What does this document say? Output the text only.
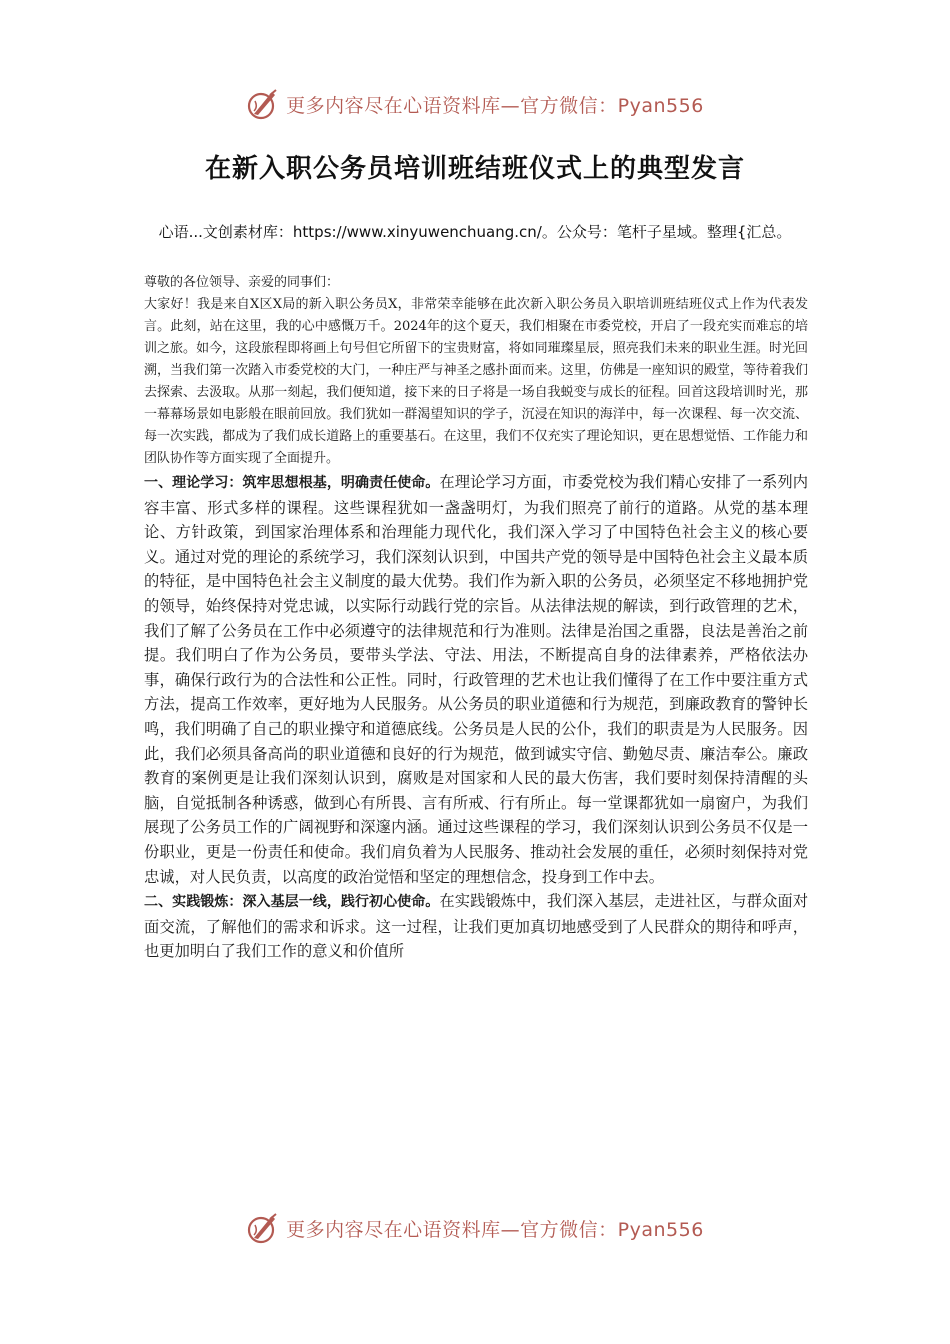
更多内容尽在心语资料库—官方微信：Pyan556
在新入职公务员培训班结班仪式上的典型发言
心语...文创素材库：https://www.xinyuwenchuang.cn/。公众号：笔杆子星域。整理{汇总。

尊敬的各位领导、亲爱的同事们：

大家好！我是来自X区X局的新入职公务员X，非常荣幸能够在此次新入职公务员入职培训班结班仪式上作为代表发言。此刻，站在这里，我的心中感慨万千。2024年的这个夏天，我们相聚在市委党校，开启了一段充实而难忘的培训之旅。如今，这段旅程即将画上句号但它所留下的宝贵财富，将如同璀璨星辰，照亮我们未来的职业生涯。时光回溯，当我们第一次踏入市委党校的大门，一种庄严与神圣之感扑面而来。这里，仿佛是一座知识的殿堂，等待着我们去探索、去汲取。从那一刻起，我们便知道，接下来的日子将是一场自我蜕变与成长的征程。回首这段培训时光，那一幕幕场景如电影般在眼前回放。我们犹如一群渴望知识的学子，沉浸在知识的海洋中，每一次课程、每一次交流、每一次实践，都成为了我们成长道路上的重要基石。在这里，我们不仅充实了理论知识，更在思想觉悟、工作能力和团队协作等方面实现了全面提升。

一、理论学习：筑牢思想根基，明确责任使命。在理论学习方面，市委党校为我们精心安排了一系列内容丰富、形式多样的课程。这些课程犹如一盏盏明灯，为我们照亮了前行的道路。从党的基本理论、方针政策，到国家治理体系和治理能力现代化，我们深入学习了中国特色社会主义的核心要义。通过对党的理论的系统学习，我们深刻认识到，中国共产党的领导是中国特色社会主义最本质的特征，是中国特色社会主义制度的最大优势。我们作为新入职的公务员，必须坚定不移地拥护党的领导，始终保持对党忠诚，以实际行动践行党的宗旨。从法律法规的解读，到行政管理的艺术，我们了解了公务员在工作中必须遵守的法律规范和行为准则。法律是治国之重器，良法是善治之前提。我们明白了作为公务员，要带头学法、守法、用法，不断提高自身的法律素养，严格依法办事，确保行政行为的合法性和公正性。同时，行政管理的艺术也让我们懂得了在工作中要注重方式方法，提高工作效率，更好地为人民服务。从公务员的职业道德和行为规范，到廉政教育的警钟长鸣，我们明确了自己的职业操守和道德底线。公务员是人民的公仆，我们的职责是为人民服务。因此，我们必须具备高尚的职业道德和良好的行为规范，做到诚实守信、勤勉尽责、廉洁奉公。廉政教育的案例更是让我们深刻认识到，腐败是对国家和人民的最大伤害，我们要时刻保持清醒的头脑，自觉抵制各种诱惑，做到心有所畏、言有所戒、行有所止。每一堂课都犹如一扇窗户，为我们展现了公务员工作的广阔视野和深邃内涵。通过这些课程的学习，我们深刻认识到公务员不仅是一份职业，更是一份责任和使命。我们肩负着为人民服务、推动社会发展的重任，必须时刻保持对党忠诚，对人民负责，以高度的政治觉悟和坚定的理想信念，投身到工作中去。

二、实践锻炼：深入基层一线，践行初心使命。在实践锻炼中，我们深入基层，走进社区，与群众面对面交流，了解他们的需求和诉求。这一过程，让我们更加真切地感受到了人民群众的期待和呼声，也更加明白了我们工作的意义和价值所

更多内容尽在心语资料库—官方微信：Pyan556
